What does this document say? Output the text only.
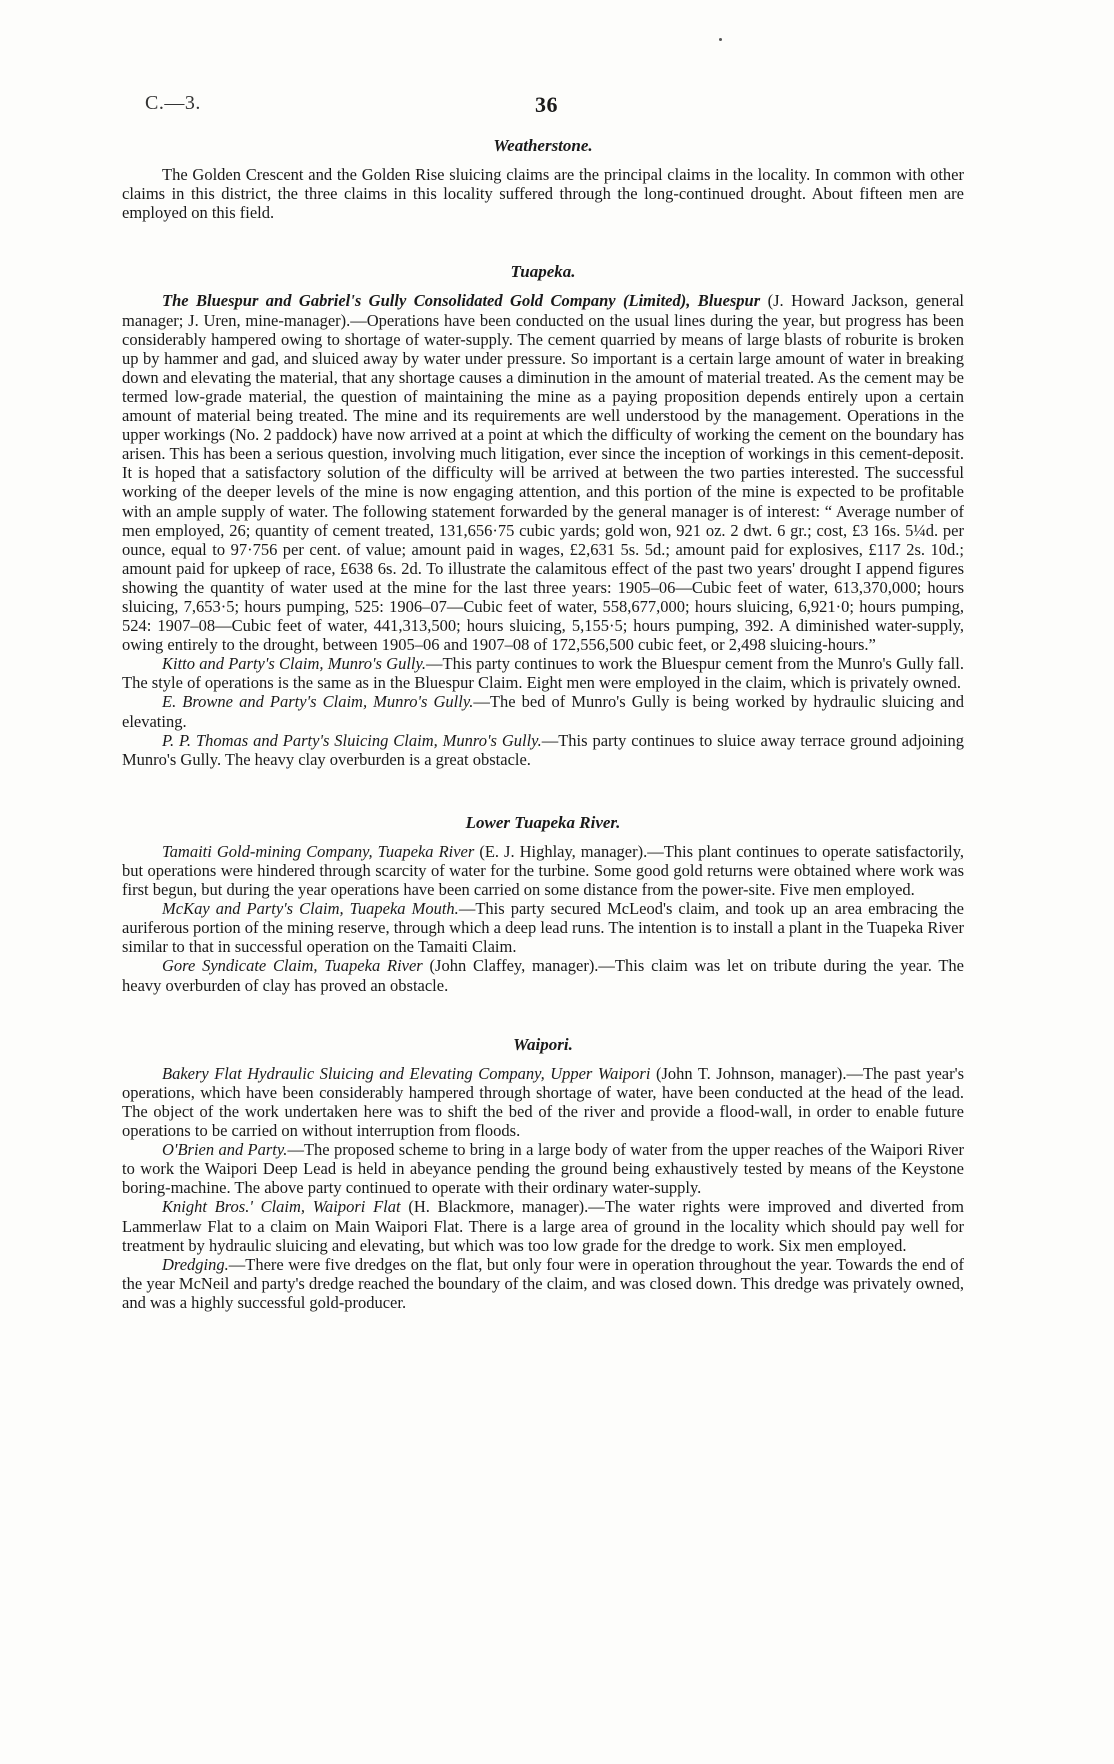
C.—3.	36
Weatherstone.

The Golden Crescent and the Golden Rise sluicing claims are the principal claims in the locality. In common with other claims in this district, the three claims in this locality suffered through the long-continued drought. About fifteen men are employed on this field.

Tuapeka.

The Bluespur and Gabriel's Gully Consolidated Gold Company (Limited), Bluespur (J. Howard Jackson, general manager; J. Uren, mine-manager).—Operations have been conducted on the usual lines during the year, but progress has been considerably hampered owing to shortage of water-supply. The cement quarried by means of large blasts of roburite is broken up by hammer and gad, and sluiced away by water under pressure. So important is a certain large amount of water in breaking down and elevating the material, that any shortage causes a diminution in the amount of material treated. As the cement may be termed low-grade material, the question of maintaining the mine as a paying proposition depends entirely upon a certain amount of material being treated. The mine and its requirements are well understood by the management. Operations in the upper workings (No. 2 paddock) have now arrived at a point at which the difficulty of working the cement on the boundary has arisen. This has been a serious question, involving much litigation, ever since the inception of workings in this cement-deposit. It is hoped that a satisfactory solution of the difficulty will be arrived at between the two parties interested. The successful working of the deeper levels of the mine is now engaging attention, and this portion of the mine is expected to be profitable with an ample supply of water. The following statement forwarded by the general manager is of interest: “ Average number of men employed, 26; quantity of cement treated, 131,656·75 cubic yards; gold won, 921 oz. 2 dwt. 6 gr.; cost, £3 16s. 5¼d. per ounce, equal to 97·756 per cent. of value; amount paid in wages, £2,631 5s. 5d.; amount paid for explosives, £117 2s. 10d.; amount paid for upkeep of race, £638 6s. 2d. To illustrate the calamitous effect of the past two years' drought I append figures showing the quantity of water used at the mine for the last three years: 1905–06—Cubic feet of water, 613,370,000; hours sluicing, 7,653·5; hours pumping, 525: 1906–07—Cubic feet of water, 558,677,000; hours sluicing, 6,921·0; hours pumping, 524: 1907–08—Cubic feet of water, 441,313,500; hours sluicing, 5,155·5; hours pumping, 392. A diminished water-supply, owing entirely to the drought, between 1905–06 and 1907–08 of 172,556,500 cubic feet, or 2,498 sluicing-hours.”

Kitto and Party's Claim, Munro's Gully.—This party continues to work the Bluespur cement from the Munro's Gully fall. The style of operations is the same as in the Bluespur Claim. Eight men were employed in the claim, which is privately owned.

E. Browne and Party's Claim, Munro's Gully.—The bed of Munro's Gully is being worked by hydraulic sluicing and elevating.

P. P. Thomas and Party's Sluicing Claim, Munro's Gully.—This party continues to sluice away terrace ground adjoining Munro's Gully. The heavy clay overburden is a great obstacle.

Lower Tuapeka River.

Tamaiti Gold-mining Company, Tuapeka River (E. J. Highlay, manager).—This plant continues to operate satisfactorily, but operations were hindered through scarcity of water for the turbine. Some good gold returns were obtained where work was first begun, but during the year operations have been carried on some distance from the power-site. Five men employed.

McKay and Party's Claim, Tuapeka Mouth.—This party secured McLeod's claim, and took up an area embracing the auriferous portion of the mining reserve, through which a deep lead runs. The intention is to install a plant in the Tuapeka River similar to that in successful operation on the Tamaiti Claim.

Gore Syndicate Claim, Tuapeka River (John Claffey, manager).—This claim was let on tribute during the year. The heavy overburden of clay has proved an obstacle.

Waipori.

Bakery Flat Hydraulic Sluicing and Elevating Company, Upper Waipori (John T. Johnson, manager).—The past year's operations, which have been considerably hampered through shortage of water, have been conducted at the head of the lead. The object of the work undertaken here was to shift the bed of the river and provide a flood-wall, in order to enable future operations to be carried on without interruption from floods.

O'Brien and Party.—The proposed scheme to bring in a large body of water from the upper reaches of the Waipori River to work the Waipori Deep Lead is held in abeyance pending the ground being exhaustively tested by means of the Keystone boring-machine. The above party continued to operate with their ordinary water-supply.

Knight Bros.' Claim, Waipori Flat (H. Blackmore, manager).—The water rights were improved and diverted from Lammerlaw Flat to a claim on Main Waipori Flat. There is a large area of ground in the locality which should pay well for treatment by hydraulic sluicing and elevating, but which was too low grade for the dredge to work. Six men employed.

Dredging.—There were five dredges on the flat, but only four were in operation throughout the year. Towards the end of the year McNeil and party's dredge reached the boundary of the claim, and was closed down. This dredge was privately owned, and was a highly successful gold-producer.
